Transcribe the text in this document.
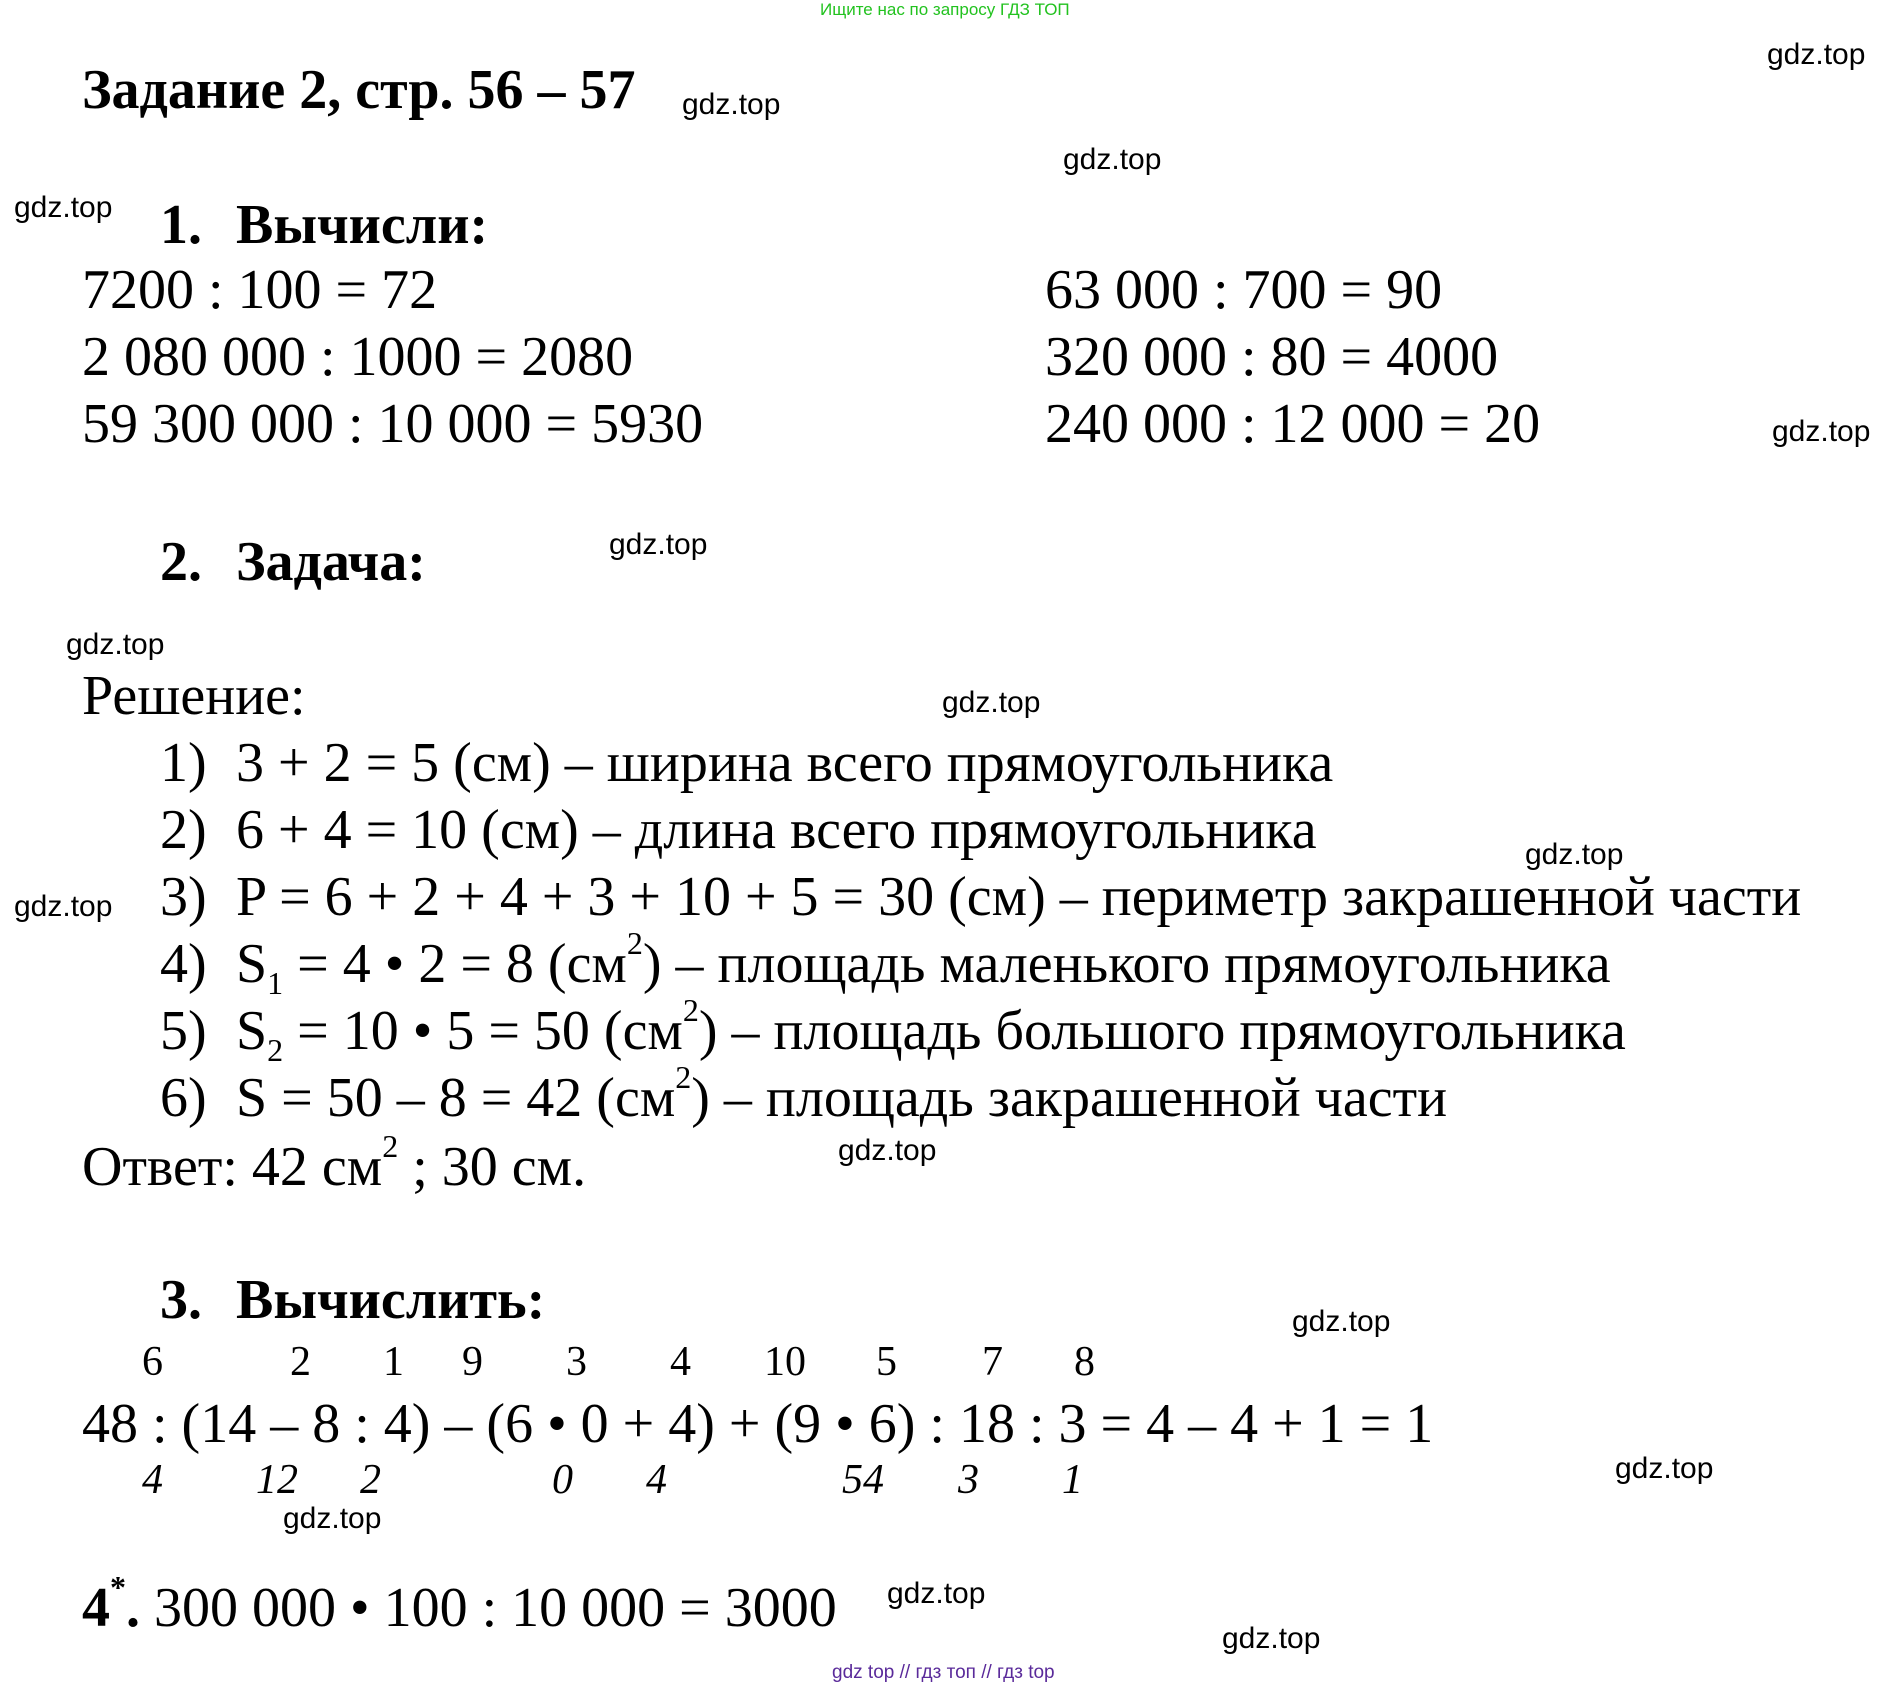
Ищите нас по запросу ГДЗ ТОП
Задание 2, стр. 56 – 57 gdz.top
gdz.top
gdz.top
gdz.top
gdz.top
gdz.top
gdz.top
gdz.top
gdz.top
gdz.top
gdz.top
gdz.top
gdz.top
gdz.top
gdz.top
gdz.top
1. Вычисли:
7200 : 100 = 72
2 080 000 : 1000 = 2080
59 300 000 : 10 000 = 5930
63 000 : 700 = 90
320 000 : 80 = 4000
240 000 : 12 000 = 20
2. Задача:
Решение:
1) 3 + 2 = 5 (см) – ширина всего прямоугольника
2) 6 + 4 = 10 (см) – длина всего прямоугольника
3) P = 6 + 2 + 4 + 3 + 10 + 5 = 30 (см) – периметр закрашенной части
4) $S_1 = 4$ • 2 = 8 $(см^2)$ – площадь маленького прямоугольника
5) $S_2 = 10$ • 5 = 50 $(см^2)$ – площадь большого прямоугольника
6) S = 50 – 8 = 42 $(см^2)$ – площадь закрашенной части
Ответ: 42 $см^2$ ; 30 см.
3. Вычислить:
6	2 1 9 3 4 10 5 7 8
48 : (14 – 8 : 4) – (6 • 0 + 4) + (9 • 6) : 18 : 3 = 4 – 4 + 1 = 1
4 12 2	0 4	54 3 1
4*. 300 000 • 100 : 10 000 = 3000
gdz top // гдз топ // гдз top
